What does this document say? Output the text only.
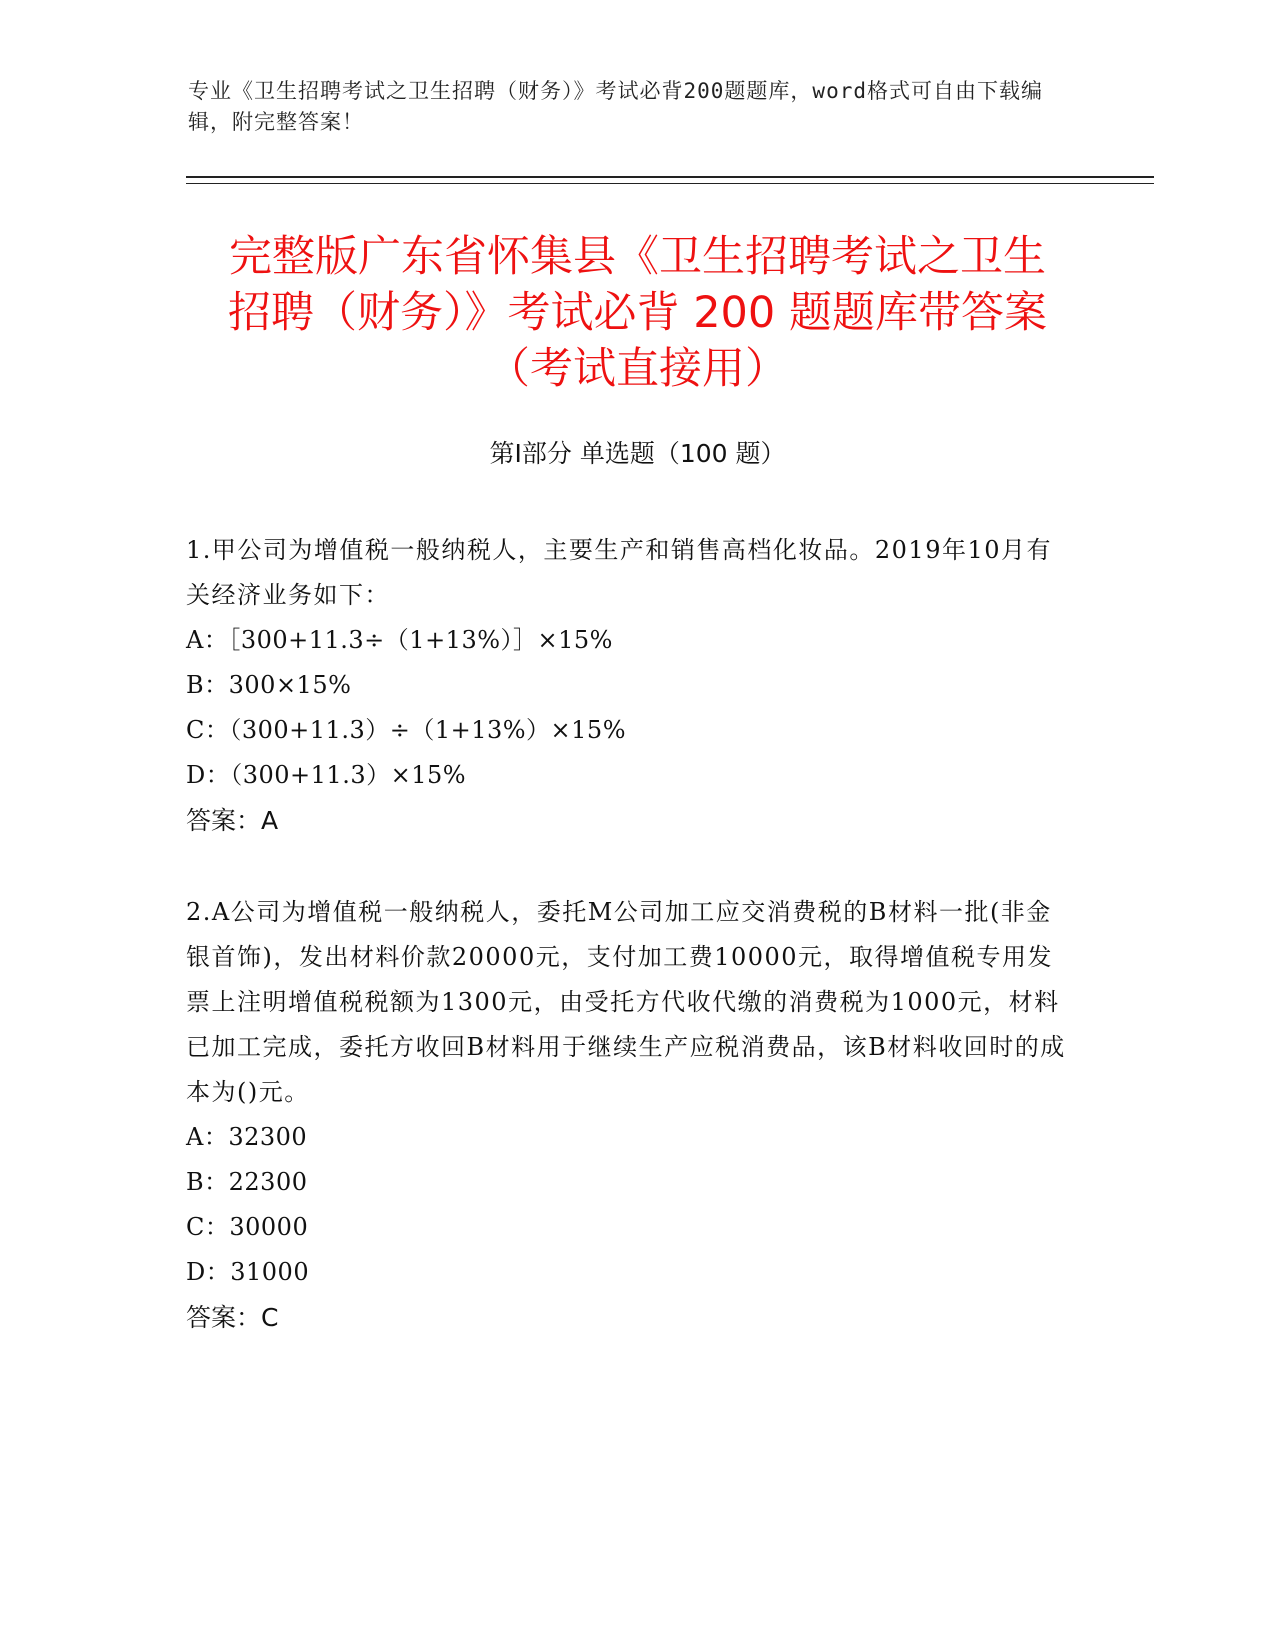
专业《卫生招聘考试之卫生招聘（财务）》考试必背200题题库，word格式可自由下载编辑，附完整答案！
完整版广东省怀集县《卫生招聘考试之卫生
招聘（财务）》考试必背 200 题题库带答案
（考试直接用）
第Ⅰ部分 单选题（100 题）

1.甲公司为增值税一般纳税人，主要生产和销售高档化妆品。2019年10月有关经济业务如下：

A：［300+11.3÷（1+13%）］×15%

B：300×15%

C：（300+11.3）÷（1+13%）×15%

D：（300+11.3）×15%

答案：A

2.A公司为增值税一般纳税人，委托M公司加工应交消费税的B材料一批(非金银首饰)，发出材料价款20000元，支付加工费10000元，取得增值税专用发票上注明增值税税额为1300元，由受托方代收代缴的消费税为1000元，材料已加工完成，委托方收回B材料用于继续生产应税消费品，该B材料收回时的成本为()元。

A：32300

B：22300

C：30000

D：31000

答案：C
